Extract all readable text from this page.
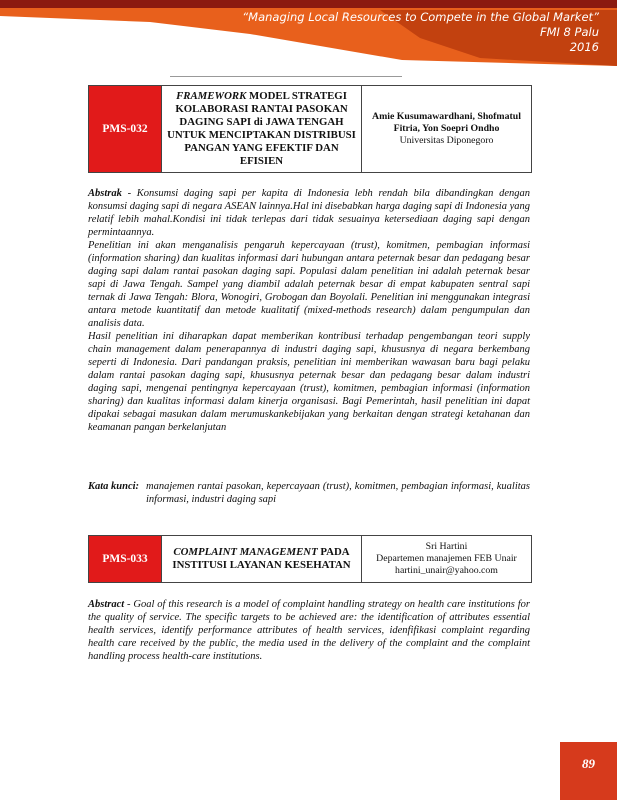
“Managing Local Resources to Compete in the Global Market”
FMI 8 Palu
2016
PMS-032
FRAMEWORK MODEL STRATEGI KOLABORASI RANTAI PASOKAN DAGING SAPI di JAWA TENGAH UNTUK MENCIPTAKAN DISTRIBUSI PANGAN YANG EFEKTIF DAN EFISIEN
Amie Kusumawardhani, Shofmatul Fitria, Yon Soepri Ondho
Universitas Diponegoro

Abstrak - Konsumsi daging sapi per kapita di Indonesia lebh rendah bila dibandingkan dengan konsumsi daging sapi di negara ASEAN lainnya.Hal ini disebabkan harga daging sapi di Indonesia yang relatif lebih mahal.Kondisi ini tidak terlepas dari tidak sesuainya ketersediaan daging sapi dengan permintaannya.

Penelitian ini akan menganalisis pengaruh kepercayaan (trust), komitmen, pembagian informasi (information sharing) dan kualitas informasi dari hubungan antara peternak besar dan pedagang besar daging sapi dalam rantai pasokan daging sapi. Populasi dalam penelitian ini adalah peternak besar sapi di Jawa Tengah. Sampel yang diambil adalah peternak besar di empat kabupaten sentral sapi ternak di Jawa Tengah: Blora, Wonogiri, Grobogan dan Boyolali. Penelitian ini menggunakan integrasi antara metode kuantitatif dan metode kualitatif (mixed-methods research) dalam pengumpulan dan analisis data.

Hasil penelitian ini diharapkan dapat memberikan kontribusi terhadap pengembangan teori supply chain management dalam penerapannya di industri daging sapi, khususnya di negara berkembang seperti di Indonesia. Dari pandangan praksis, penelitian ini memberikan wawasan baru bagi pelaku dalam rantai pasokan daging sapi, khususnya peternak besar dan pedagang besar dalam industri daging sapi, mengenai pentingnya kepercayaan (trust), komitmen, pembagian informasi (information sharing) dan kualitas informasi dalam kinerja organisasi. Bagi Pemerintah, hasil penelitian ini dapat dipakai sebagai masukan dalam merumuskankebijakan yang berkaitan dengan strategi ketahanan dan keamanan pangan berkelanjutan

Kata kunci: manajemen rantai pasokan, kepercayaan (trust), komitmen, pembagian informasi, kualitas informasi, industri daging sapi
PMS-033
COMPLAINT MANAGEMENT PADA INSTITUSI LAYANAN KESEHATAN
Sri Hartini
Departemen manajemen FEB Unair
hartini_unair@yahoo.com

Abstract - Goal of this research is a model of complaint handling strategy on health care institutions for the quality of service. The specific targets to be achieved are: the identification of attributes essential health services, identify performance attributes of health services, idenfifikasi complaint regarding health care received by the public, the media used in the delivery of the complaint and the complaint handling process health-care institutions.

89
